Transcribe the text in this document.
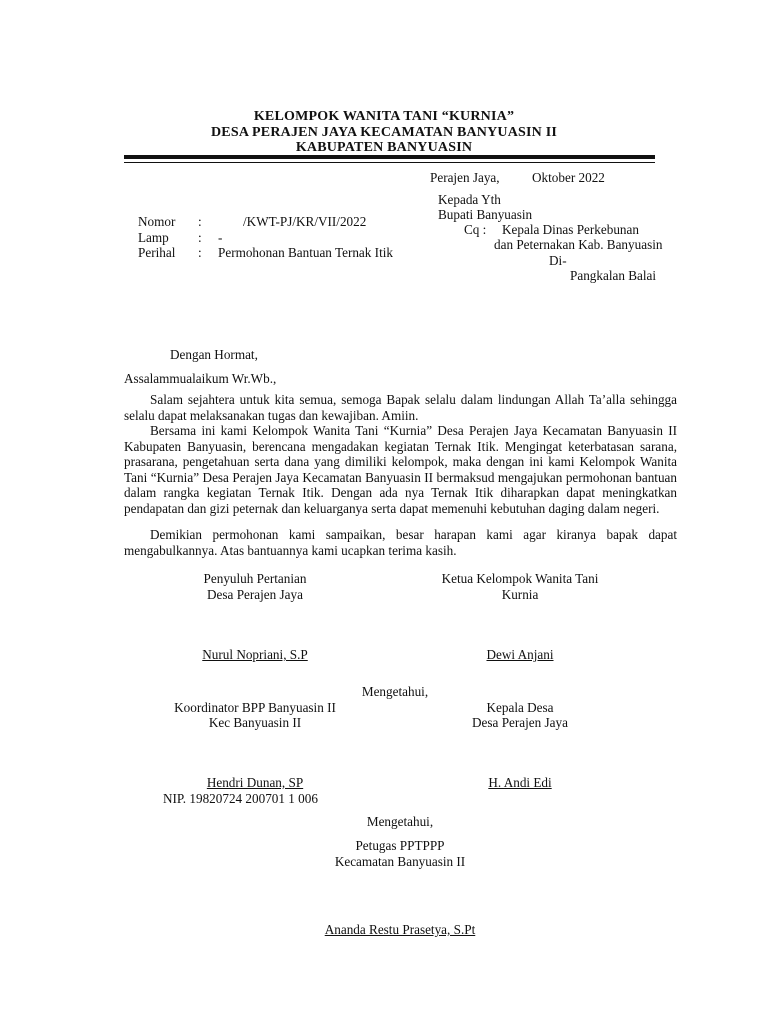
KELOMPOK WANITA TANI “KURNIA”
DESA PERAJEN JAYA KECAMATAN BANYUASIN II
KABUPATEN BANYUASIN
Perajen Jaya, Oktober 2022
Kepada Yth
Bupati Banyuasin
Cq : Kepala Dinas Perkebunan
dan Peternakan Kab. Banyuasin
Di-
Pangkalan Balai
Nomor :	/KWT-PJ/KR/VII/2022
Lamp : -
Perihal : Permohonan Bantuan Ternak Itik
Dengan Hormat,
Assalammualaikum Wr.Wb.,
Salam sejahtera untuk kita semua, semoga Bapak selalu dalam lindungan Allah Ta’alla sehingga selalu dapat melaksanakan tugas dan kewajiban. Amiin.
Bersama ini kami Kelompok Wanita Tani “Kurnia” Desa Perajen Jaya Kecamatan Banyuasin II Kabupaten Banyuasin, berencana mengadakan kegiatan Ternak Itik. Mengingat keterbatasan sarana, prasarana, pengetahuan serta dana yang dimiliki kelompok, maka dengan ini kami Kelompok Wanita Tani “Kurnia” Desa Perajen Jaya Kecamatan Banyuasin II bermaksud mengajukan permohonan bantuan dalam rangka kegiatan Ternak Itik. Dengan ada nya Ternak Itik diharapkan dapat meningkatkan pendapatan dan gizi peternak dan keluarganya serta dapat memenuhi kebutuhan daging dalam negeri.
Demikian permohonan kami sampaikan, besar harapan kami agar kiranya bapak dapat mengabulkannya. Atas bantuannya kami ucapkan terima kasih.
Penyuluh Pertanian
Desa Perajen Jaya
Nurul Nopriani, S.P
Ketua Kelompok Wanita Tani
Kurnia
Dewi Anjani
Mengetahui,
Koordinator BPP Banyuasin II
Kec Banyuasin II
Hendri Dunan, SP
NIP. 19820724 200701 1 006
Kepala Desa
Desa Perajen Jaya
H. Andi Edi
Mengetahui,
Petugas PPTPPP
Kecamatan Banyuasin II
Ananda Restu Prasetya, S.Pt
